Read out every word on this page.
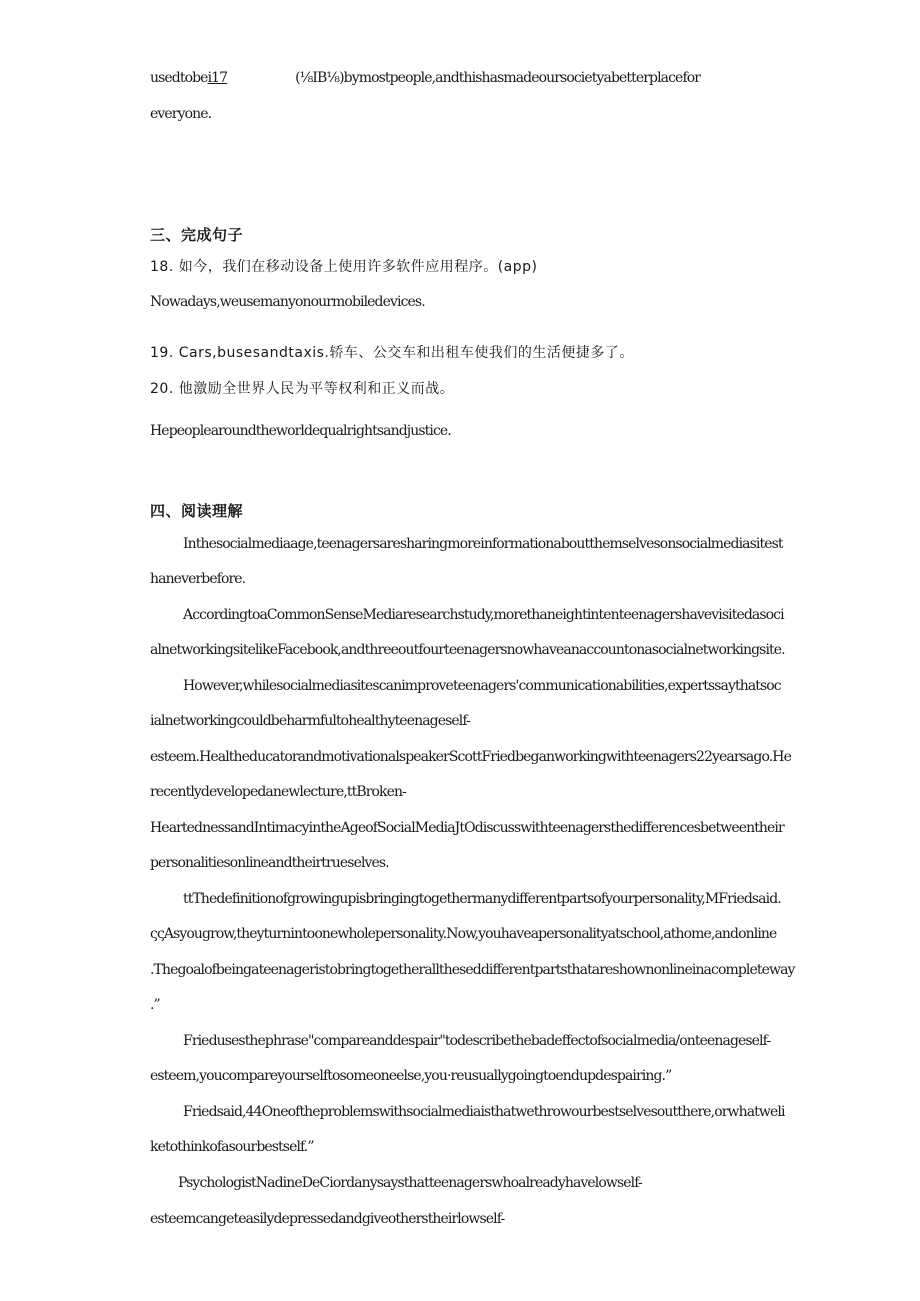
usedtobei17	(⅛IB⅛)bymostpeople,andthishasmadeoursocietyabetterplacefor
everyone.
三、完成句子
18. 如今，我们在移动设备上使用许多软件应用程序。(app)
Nowadays,weusemanyonourmobiledevices.
19. Cars,busesandtaxis.轿车、公交车和出租车使我们的生活便捷多了。
20. 他激励全世界人民为平等权利和正义而战。
Hepeoplearoundtheworldequalrightsandjustice.
四、阅读理解
Inthesocialmediaage,teenagersaresharingmoreinformationaboutthemselvesonsocialmediasitest
haneverbefore.
AccordingtoaCommonSenseMediaresearchstudy,morethaneightintenteenagershavevisitedasoci
alnetworkingsitelikeFacebook,andthreeoutfourteenagersnowhaveanaccountonasocialnetworkingsite.
However,whilesocialmediasitescanimproveteenagers'communicationabilities,expertssaythatsoc
ialnetworkingcouldbeharmfultohealthyteenageself-
esteem.HealtheducatorandmotivationalspeakerScottFriedbeganworkingwithteenagers22yearsago.He
recentlydevelopedanewlecture,ttBroken-
HeartednessandIntimacyintheAgeofSocialMediaJtOdiscusswithteenagersthedifferencesbetweentheir
personalitiesonlineandtheirtrueselves.
ttThedefinitionofgrowingupisbringingtogethermanydifferentpartsofyourpersonality,MFriedsaid.
ςςAsyougrow,theyturnintoonewholepersonality.Now,youhaveapersonalityatschool,athome,andonline
.Thegoalofbeingateenageristobringtogetheralltheseddifferentpartsthatareshownonlineinacompleteway
.”
Friedusesthephrase"compareanddespair"todescribethebadeffectofsocialmedia/onteenageself-
esteem,youcompareyourselftosomeoneelse,you·reusuallygoingtoendupdespairing.”
Friedsaid,44Oneoftheproblemswithsocialmediaisthatwethrowourbestselvesoutthere,orwhatweli
ketothinkofasourbestself.”
PsychologistNadineDeCiordanysaysthatteenagerswhoalreadyhavelowself-
esteemcangeteasilydepressedandgiveotherstheirlowself-
